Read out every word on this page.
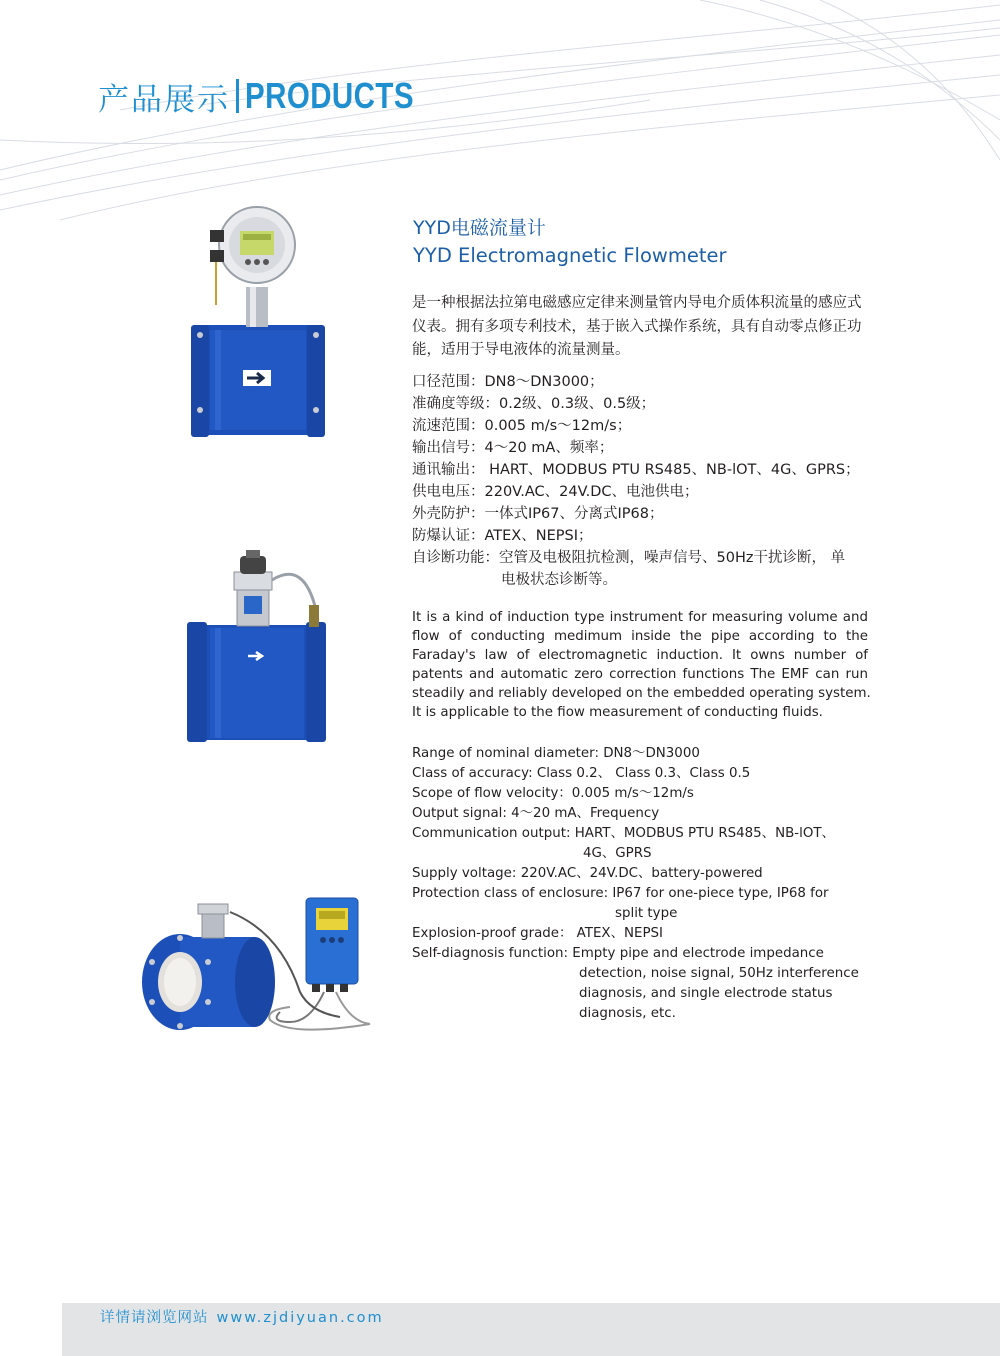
产品展示 PRODUCTS
YYD电磁流量计
YYD Electromagnetic Flowmeter
是一种根据法拉第电磁感应定律来测量管内导电介质体积流量的感应式
仪表。拥有多项专利技术，基于嵌入式操作系统，具有自动零点修正功
能，适用于导电液体的流量测量。
口径范围： DN8～DN3000；
准确度等级： 0.2级、0.3级、0.5级；
流速范围： 0.005 m/s～12m/s；
输出信号： 4～20 mA、频率；
通讯输出： HART、MODBUS PTU RS485、NB-lOT、4G、GPRS；
供电电压： 220V.AC、24V.DC、电池供电；
外壳防护： 一体式IP67、分离式IP68；
防爆认证： ATEX、NEPSI；
自诊断功能： 空管及电极阻抗检测，噪声信号、50Hz干扰诊断， 单
电极状态诊断等。
It is a kind of induction type instrument for measuring volume and
flow of conducting medimum inside the pipe according to the
Faraday's law of electromagnetic induction. It owns number of
patents and automatic zero correction functions The EMF can run
steadily and reliably developed on the embedded operating system.
It is applicable to the fiow measurement of conducting fluids.
Range of nominal diameter: DN8～DN3000
Class of accuracy: Class 0.2、 Class 0.3、Class 0.5
Scope of flow velocity：0.005 m/s～12m/s
Output signal: 4～20 mA、Frequency
Communication output: HART、MODBUS PTU RS485、NB-lOT、
4G、GPRS
Supply voltage: 220V.AC、24V.DC、battery-powered
Protection class of enclosure: IP67 for one-piece type, IP68 for
split type
Explosion-proof grade： ATEX、NEPSI
Self-diagnosis function: Empty pipe and electrode impedance
detection, noise signal, 50Hz interference
diagnosis, and single electrode status
diagnosis, etc.
详情请浏览网站 www.zjdiyuan.com
